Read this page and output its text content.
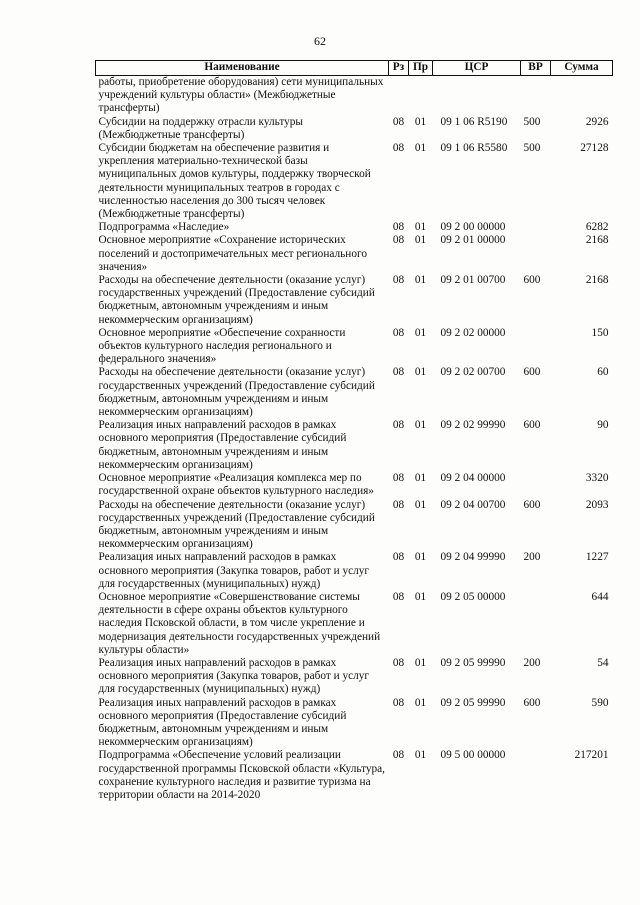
62
Наименование	Рз	Пр	ЦСР	ВР	Сумма
работы, приобретение оборудования) сети муниципальных учреждений культуры области» (Межбюджетные трансферты)					
Субсидии на поддержку отрасли культуры (Межбюджетные трансферты)	08	01	09 1 06 R5190	500	2926
Субсидии бюджетам на обеспечение развития и укрепления материально-технической базы муниципальных домов культуры, поддержку творческой деятельности муниципальных театров в городах с численностью населения до 300 тысяч человек (Межбюджетные трансферты)	08	01	09 1 06 R5580	500	27128
Подпрограмма «Наследие»	08	01	09 2 00 00000		6282
Основное мероприятие «Сохранение исторических поселений и достопримечательных мест регионального значения»	08	01	09 2 01 00000		2168
Расходы на обеспечение деятельности (оказание услуг) государственных учреждений (Предоставление субсидий бюджетным, автономным учреждениям и иным некоммерческим организациям)	08	01	09 2 01 00700	600	2168
Основное мероприятие «Обеспечение сохранности объектов культурного наследия регионального и федерального значения»	08	01	09 2 02 00000		150
Расходы на обеспечение деятельности (оказание услуг) государственных учреждений (Предоставление субсидий бюджетным, автономным учреждениям и иным некоммерческим организациям)	08	01	09 2 02 00700	600	60
Реализация иных направлений расходов в рамках основного мероприятия (Предоставление субсидий бюджетным, автономным учреждениям и иным некоммерческим организациям)	08	01	09 2 02 99990	600	90
Основное мероприятие «Реализация комплекса мер по государственной охране объектов культурного наследия»	08	01	09 2 04 00000		3320
Расходы на обеспечение деятельности (оказание услуг) государственных учреждений (Предоставление субсидий бюджетным, автономным учреждениям и иным некоммерческим организациям)	08	01	09 2 04 00700	600	2093
Реализация иных направлений расходов в рамках основного мероприятия (Закупка товаров, работ и услуг для государственных (муниципальных) нужд)	08	01	09 2 04 99990	200	1227
Основное мероприятие «Совершенствование системы деятельности в сфере охраны объектов культурного наследия Псковской области, в том числе укрепление и модернизация деятельности государственных учреждений культуры области»	08	01	09 2 05 00000		644
Реализация иных направлений расходов в рамках основного мероприятия (Закупка товаров, работ и услуг для государственных (муниципальных) нужд)	08	01	09 2 05 99990	200	54
Реализация иных направлений расходов в рамках основного мероприятия (Предоставление субсидий бюджетным, автономным учреждениям и иным некоммерческим организациям)	08	01	09 2 05 99990	600	590
Подпрограмма «Обеспечение условий реализации государственной программы Псковской области «Культура, сохранение культурного наследия и развитие туризма на территории области на 2014-2020	08	01	09 5 00 00000		217201
